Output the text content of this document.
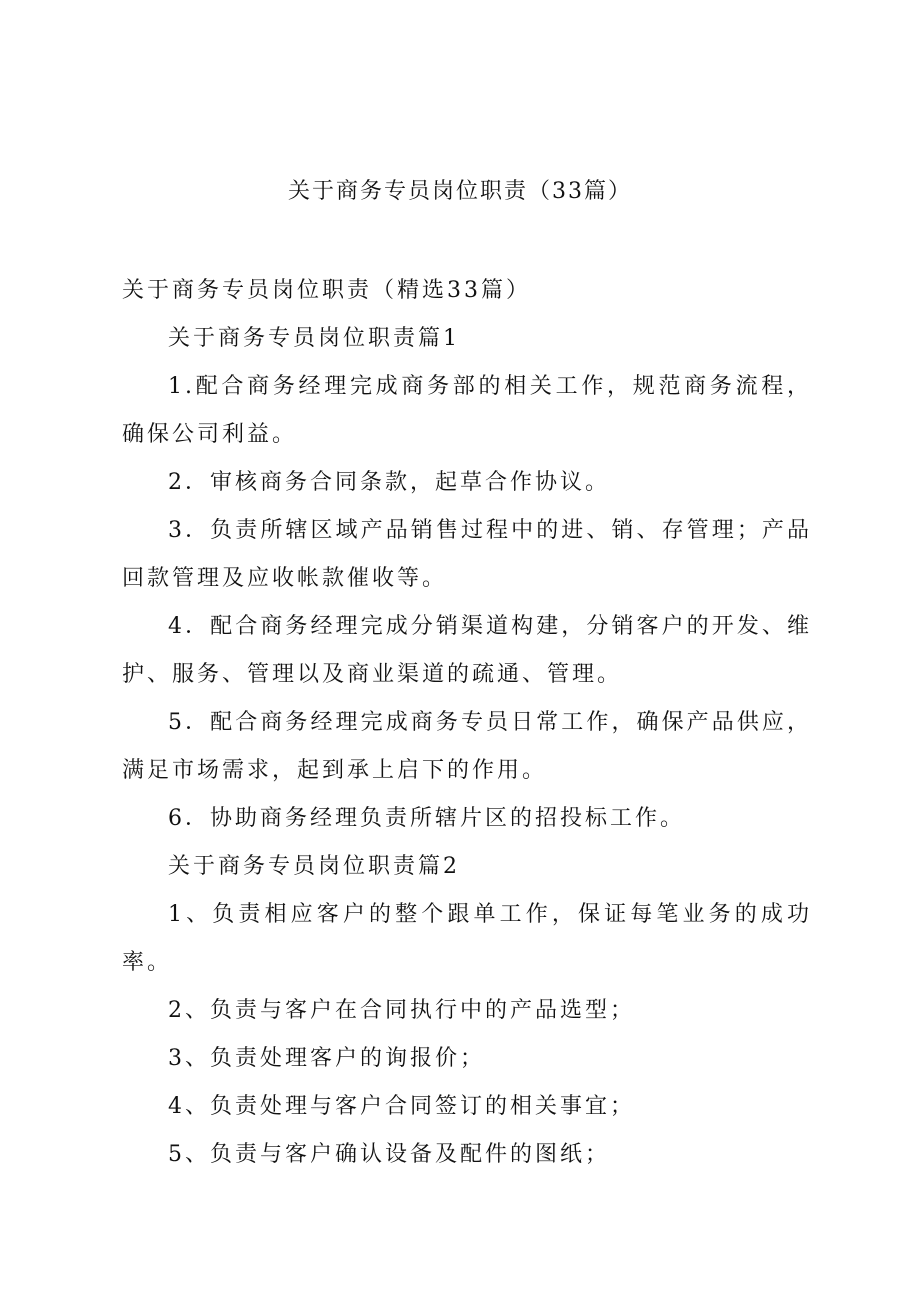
关于商务专员岗位职责（33篇）

关于商务专员岗位职责（精选33篇）

关于商务专员岗位职责篇1

1.配合商务经理完成商务部的相关工作，规范商务流程，确保公司利益。

2．审核商务合同条款，起草合作协议。

3．负责所辖区域产品销售过程中的进、销、存管理；产品回款管理及应收帐款催收等。

4．配合商务经理完成分销渠道构建，分销客户的开发、维护、服务、管理以及商业渠道的疏通、管理。

5．配合商务经理完成商务专员日常工作，确保产品供应，满足市场需求，起到承上启下的作用。

6．协助商务经理负责所辖片区的招投标工作。

关于商务专员岗位职责篇2

1、负责相应客户的整个跟单工作，保证每笔业务的成功率。

2、负责与客户在合同执行中的产品选型；

3、负责处理客户的询报价；

4、负责处理与客户合同签订的相关事宜；

5、负责与客户确认设备及配件的图纸；
